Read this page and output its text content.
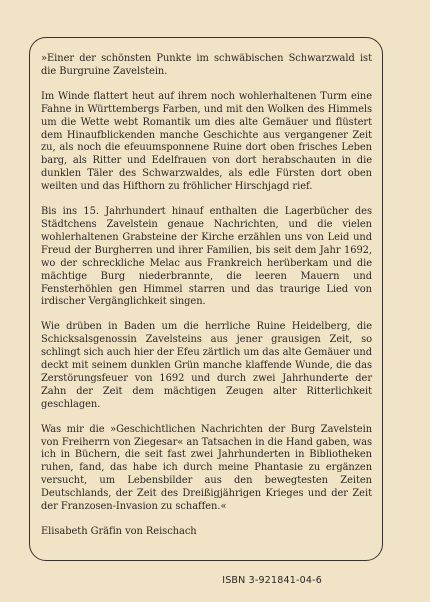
»Einer der schönsten Punkte im schwäbischen Schwarzwald ist die Burgruine Zavelstein.

Im Winde flattert heut auf ihrem noch wohlerhaltenen Turm eine Fahne in Württembergs Farben, und mit den Wolken des Himmels um die Wette webt Romantik um dies alte Gemäuer und flüstert dem Hinaufblickenden manche Geschichte aus vergangener Zeit zu, als noch die efeuumsponnene Ruine dort oben frisches Leben barg, als Ritter und Edelfrauen von dort herabschauten in die dunklen Täler des Schwarzwaldes, als edle Fürsten dort oben weilten und das Hifthorn zu fröhlicher Hirschjagd rief.

Bis ins 15. Jahrhundert hinauf enthalten die Lagerbücher des Städtchens Zavelstein genaue Nachrichten, und die vielen wohlerhaltenen Grabsteine der Kirche erzählen uns von Leid und Freud der Burgherren und ihrer Familien, bis seit dem Jahr 1692, wo der schreckliche Melac aus Frankreich herüberkam und die mächtige Burg niederbrannte, die leeren Mauern und Fensterhöhlen gen Himmel starren und das traurige Lied von irdischer Vergänglichkeit singen.

Wie drüben in Baden um die herrliche Ruine Heidelberg, die Schicksalsgenossin Zavelsteins aus jener grausigen Zeit, so schlingt sich auch hier der Efeu zärtlich um das alte Gemäuer und deckt mit seinem dunklen Grün manche klaffende Wunde, die das Zerstörungsfeuer von 1692 und durch zwei Jahrhunderte der Zahn der Zeit dem mächtigen Zeugen alter Ritterlichkeit geschlagen.

Was mir die »Geschichtlichen Nachrichten der Burg Zavelstein von Freiherrn von Ziegesar« an Tatsachen in die Hand gaben, was ich in Büchern, die seit fast zwei Jahrhunderten in Bibliotheken ruhen, fand, das habe ich durch meine Phantasie zu ergänzen versucht, um Lebensbilder aus den bewegtesten Zeiten Deutschlands, der Zeit des Dreißigjährigen Krieges und der Zeit der Franzosen-Invasion zu schaffen.«

Elisabeth Gräfin von Reischach

ISBN 3-921841-04-6
